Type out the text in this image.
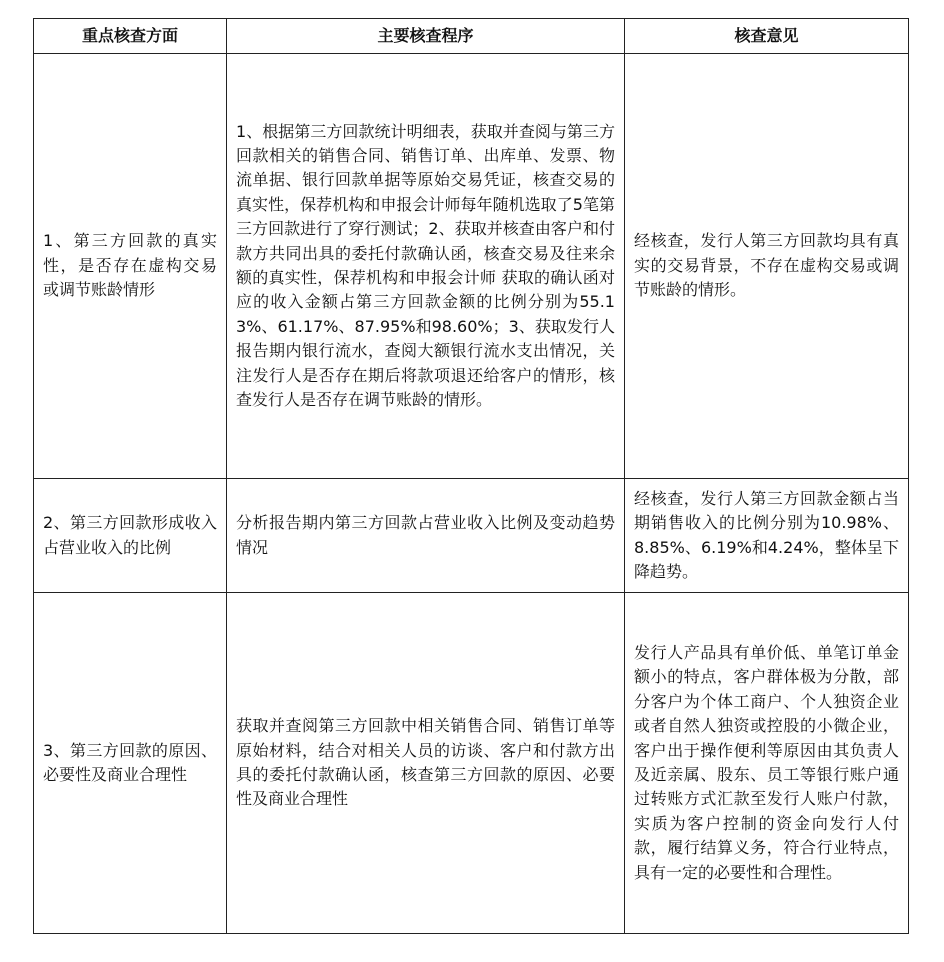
重点核查方面	主要核查程序	核查意见

1、第三方回款的真实性，是否存在虚构交易或调节账龄情形	1、根据第三方回款统计明细表，获取并查阅与第三方回款相关的销售合同、销售订单、出库单、发票、物流单据、银行回款单据等原始交易凭证，核查交易的真实性，保荐机构和申报会计师每年随机选取了5笔第三方回款进行了穿行测试；2、获取并核查由客户和付款方共同出具的委托付款确认函，核查交易及往来余额的真实性，保荐机构和申报会计师 获取的确认函对应的收入金额占第三方回款金额的比例分别为55.13%、61.17%、87.95%和98.60%；3、获取发行人报告期内银行流水，查阅大额银行流水支出情况，关注发行人是否存在期后将款项退还给客户的情形，核查发行人是否存在调节账龄的情形。	经核查，发行人第三方回款均具有真实的交易背景，不存在虚构交易或调节账龄的情形。

2、第三方回款形成收入占营业收入的比例	分析报告期内第三方回款占营业收入比例及变动趋势情况	经核查，发行人第三方回款金额占当期销售收入的比例分别为10.98%、8.85%、6.19%和4.24%，整体呈下降趋势。

3、第三方回款的原因、必要性及商业合理性	获取并查阅第三方回款中相关销售合同、销售订单等原始材料，结合对相关人员的访谈、客户和付款方出具的委托付款确认函，核查第三方回款的原因、必要性及商业合理性	发行人产品具有单价低、单笔订单金额小的特点，客户群体极为分散，部分客户为个体工商户、个人独资企业或者自然人独资或控股的小微企业，客户出于操作便利等原因由其负责人及近亲属、股东、员工等银行账户通过转账方式汇款至发行人账户付款，实质为客户控制的资金向发行人付 款，履行结算义务，符合行业特点，具有一定的必要性和合理性。
